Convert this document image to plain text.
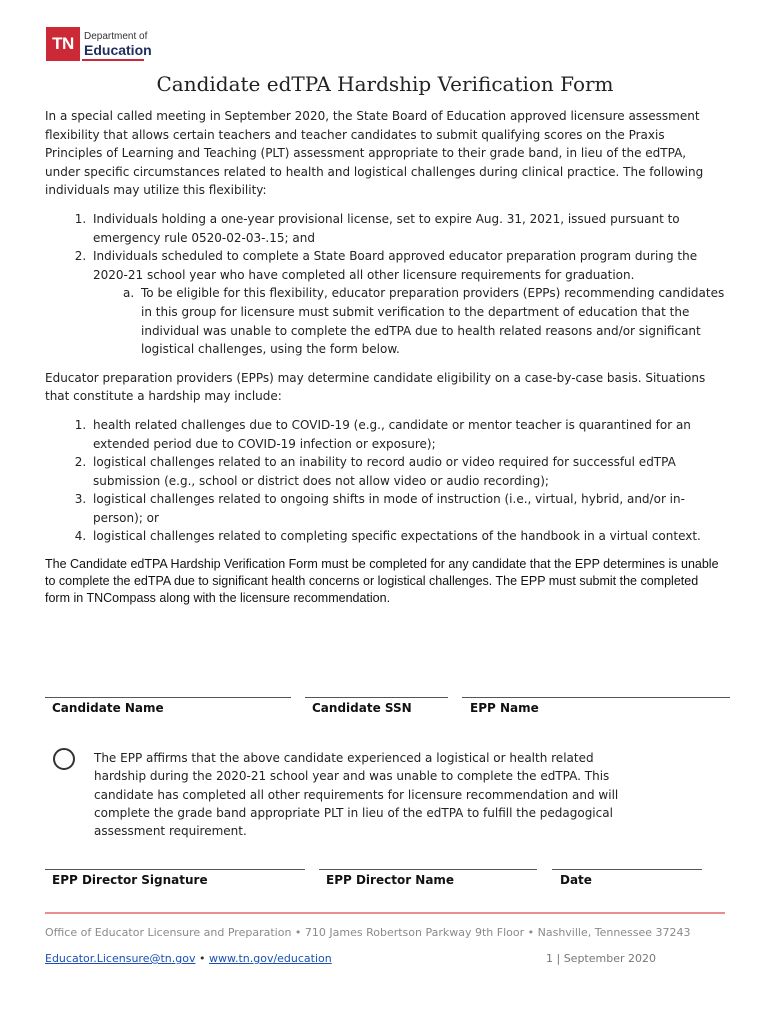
TN	Department of
Education
Candidate edTPA Hardship Verification Form

In a special called meeting in September 2020, the State Board of Education approved licensure assessment flexibility that allows certain teachers and teacher candidates to submit qualifying scores on the Praxis Principles of Learning and Teaching (PLT) assessment appropriate to their grade band, in lieu of the edTPA, under specific circumstances related to health and logistical challenges during clinical practice. The following individuals may utilize this flexibility:

1. Individuals holding a one-year provisional license, set to expire Aug. 31, 2021, issued pursuant to emergency rule 0520-02-03-.15; and
2. Individuals scheduled to complete a State Board approved educator preparation program during the 2020-21 school year who have completed all other licensure requirements for graduation.
a. To be eligible for this flexibility, educator preparation providers (EPPs) recommending candidates in this group for licensure must submit verification to the department of education that the individual was unable to complete the edTPA due to health related reasons and/or significant logistical challenges, using the form below.

Educator preparation providers (EPPs) may determine candidate eligibility on a case-by-case basis. Situations that constitute a hardship may include:

1. health related challenges due to COVID-19 (e.g., candidate or mentor teacher is quarantined for an extended period due to COVID-19 infection or exposure);
2. logistical challenges related to an inability to record audio or video required for successful edTPA submission (e.g., school or district does not allow video or audio recording);
3. logistical challenges related to ongoing shifts in mode of instruction (i.e., virtual, hybrid, and/or in-person); or
4. logistical challenges related to completing specific expectations of the handbook in a virtual context.

The Candidate edTPA Hardship Verification Form must be completed for any candidate that the EPP determines is unable to complete the edTPA due to significant health concerns or logistical challenges. The EPP must submit the completed form in TNCompass along with the licensure recommendation.

Candidate Name	Candidate SSN	EPP Name
The EPP affirms that the above candidate experienced a logistical or health related hardship during the 2020-21 school year and was unable to complete the edTPA. This candidate has completed all other requirements for licensure recommendation and will complete the grade band appropriate PLT in lieu of the edTPA to fulfill the pedagogical assessment requirement.
EPP Director Signature	EPP Director Name	Date
Office of Educator Licensure and Preparation • 710 James Robertson Parkway 9th Floor • Nashville, Tennessee 37243
Educator.Licensure@tn.gov • www.tn.gov/education	1 | September 2020
